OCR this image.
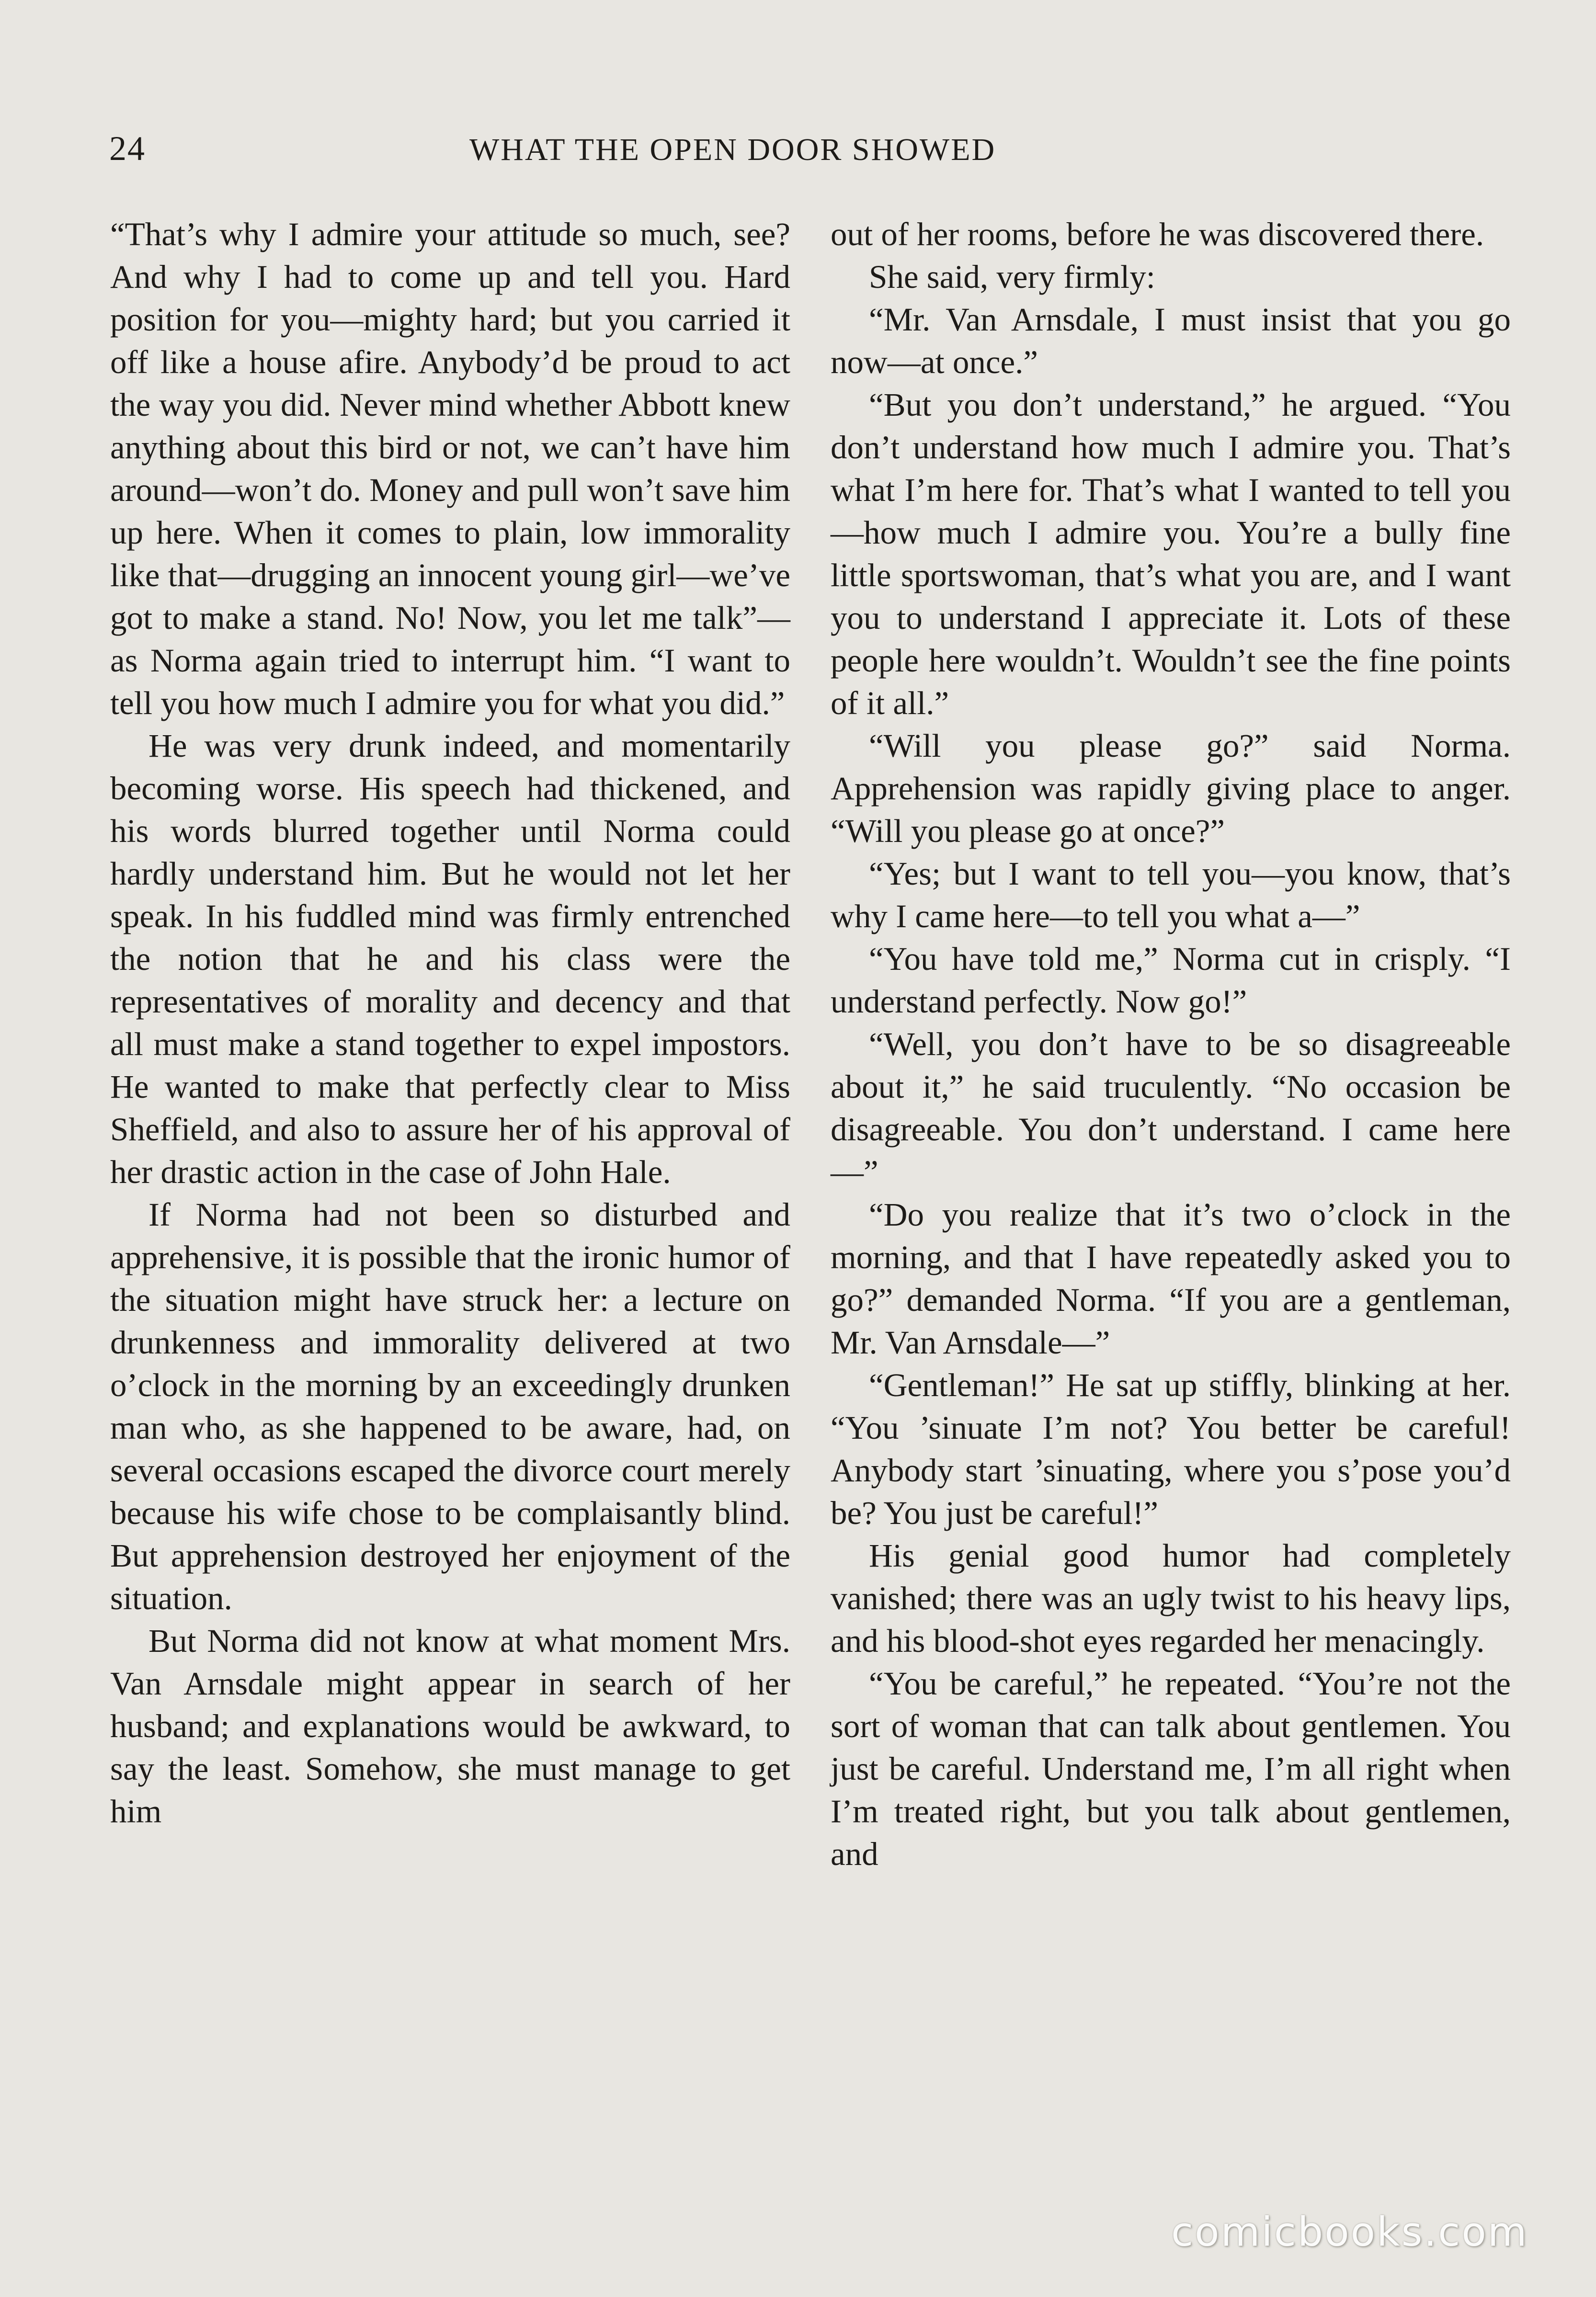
24	WHAT THE OPEN DOOR SHOWED

“That’s why I admire your attitude so much, see? And why I had to come up and tell you. Hard position for you—mighty hard; but you carried it off like a house afire. Anybody’d be proud to act the way you did. Never mind whether Abbott knew anything about this bird or not, we can’t have him around—won’t do. Money and pull won’t save him up here. When it comes to plain, low immorality like that—drugging an innocent young girl—we’ve got to make a stand. No! Now, you let me talk”—as Norma again tried to interrupt him. “I want to tell you how much I admire you for what you did.”

He was very drunk indeed, and momentarily becoming worse. His speech had thickened, and his words blurred together until Norma could hardly understand him. But he would not let her speak. In his fuddled mind was firmly entrenched the notion that he and his class were the representatives of morality and decency and that all must make a stand together to expel impostors. He wanted to make that perfectly clear to Miss Sheffield, and also to assure her of his approval of her drastic action in the case of John Hale.

If Norma had not been so disturbed and apprehensive, it is possible that the ironic humor of the situation might have struck her: a lecture on drunkenness and immorality delivered at two o’clock in the morning by an exceedingly drunken man who, as she happened to be aware, had, on several occasions escaped the divorce court merely because his wife chose to be complaisantly blind. But apprehension destroyed her enjoyment of the situation.

But Norma did not know at what moment Mrs. Van Arnsdale might appear in search of her husband; and explanations would be awkward, to say the least. Somehow, she must manage to get him

out of her rooms, before he was discovered there.

She said, very firmly:

“Mr. Van Arnsdale, I must insist that you go now—at once.”

“But you don’t understand,” he argued. “You don’t understand how much I admire you. That’s what I’m here for. That’s what I wanted to tell you—how much I admire you. You’re a bully fine little sportswoman, that’s what you are, and I want you to understand I appreciate it. Lots of these people here wouldn’t. Wouldn’t see the fine points of it all.”

“Will you please go?” said Norma. Apprehension was rapidly giving place to anger. “Will you please go at once?”

“Yes; but I want to tell you—you know, that’s why I came here—to tell you what a—”

“You have told me,” Norma cut in crisply. “I understand perfectly. Now go!”

“Well, you don’t have to be so disagreeable about it,” he said truculently. “No occasion be disagreeable. You don’t understand. I came here—”

“Do you realize that it’s two o’clock in the morning, and that I have repeatedly asked you to go?” demanded Norma. “If you are a gentleman, Mr. Van Arnsdale—”

“Gentleman!” He sat up stiffly, blinking at her. “You ’sinuate I’m not? You better be careful! Anybody start ’sinuating, where you s’pose you’d be? You just be careful!”

His genial good humor had completely vanished; there was an ugly twist to his heavy lips, and his blood-shot eyes regarded her menacingly.

“You be careful,” he repeated. “You’re not the sort of woman that can talk about gentlemen. You just be careful. Understand me, I’m all right when I’m treated right, but you talk about gentlemen, and

comicbooks.com
